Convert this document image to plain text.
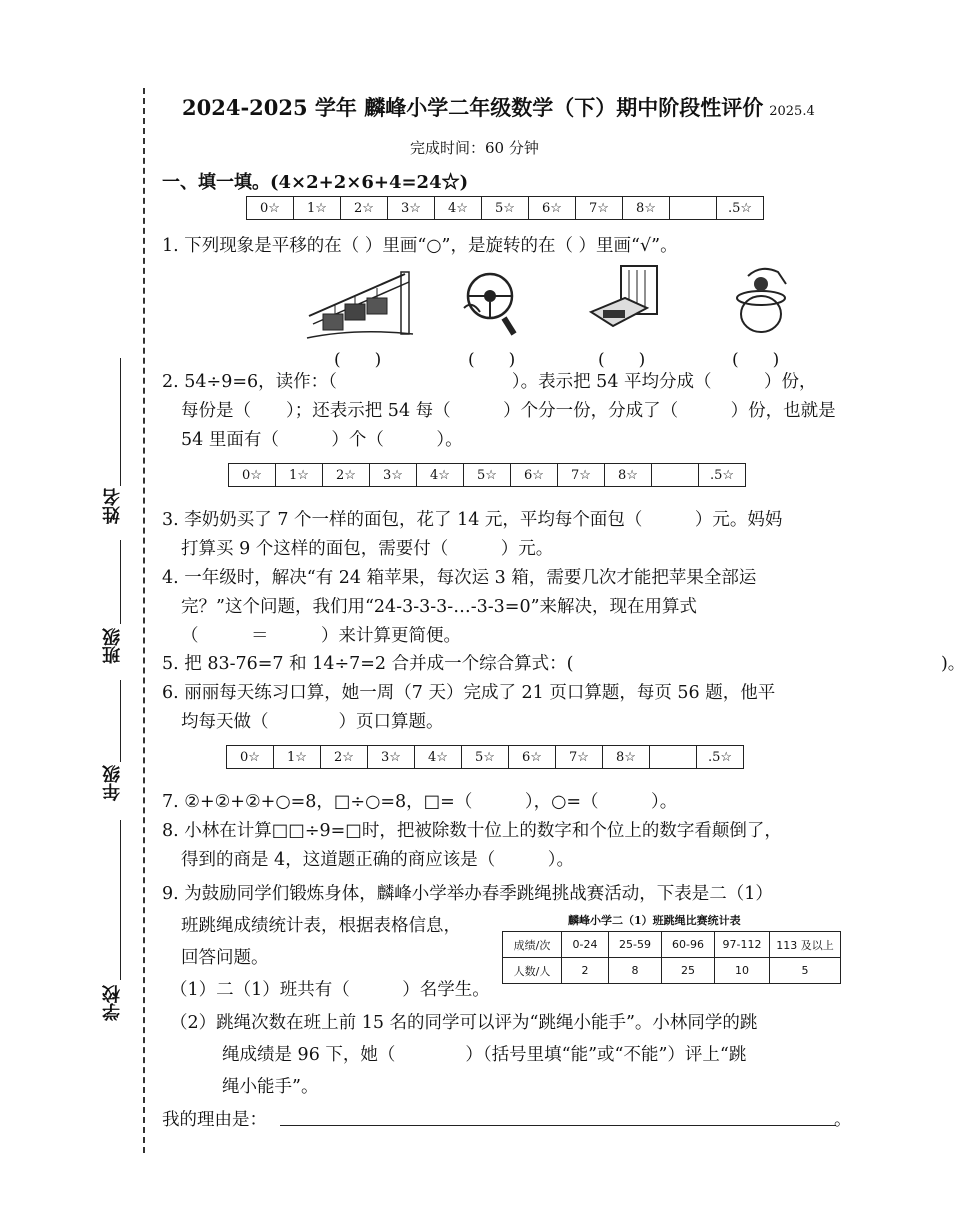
姓名
班级
年级
学校
2024-2025 学年 麟峰小学二年级数学（下）期中阶段性评价 2025.4
完成时间：60 分钟
一、填一填。(4×2+2×6+4=24☆)
0☆	1☆	2☆	3☆	4☆	5☆	6☆	7☆	8☆		.5☆
1. 下列现象是平移的在（ ）里画“○”，是旋转的在（ ）里画“√”。
(　　)	(　　)	(　　)	(　　)
2. 54÷9=6，读作：（　　　　　　　　　　）。表示把 54 平均分成（　　　）份，
每份是（　　）；还表示把 54 每（　　　）个分一份，分成了（　　　）份，也就是
54 里面有（　　　）个（　　　）。
0☆	1☆	2☆	3☆	4☆	5☆	6☆	7☆	8☆		.5☆
3. 李奶奶买了 7 个一样的面包，花了 14 元，平均每个面包（　　　）元。妈妈
打算买 9 个这样的面包，需要付（　　　）元。
4. 一年级时，解决“有 24 箱苹果，每次运 3 箱，需要几次才能把苹果全部运
完？”这个问题，我们用“24-3-3-3-…-3-3=0”来解决，现在用算式
（　　　＝　　　）来计算更简便。
5. 把 83-76=7 和 14÷7=2 合并成一个综合算式：(　　　　　　　　　　　　　　　　　　　　　)。
6. 丽丽每天练习口算，她一周（7 天）完成了 21 页口算题，每页 56 题，他平
均每天做（　　　　）页口算题。
0☆	1☆	2☆	3☆	4☆	5☆	6☆	7☆	8☆		.5☆
7. ②+②+②+○=8，□÷○=8，□=（　　　），○=（　　　）。
8. 小林在计算□□÷9=□时，把被除数十位上的数字和个位上的数字看颠倒了，
得到的商是 4，这道题正确的商应该是（　　　）。
9. 为鼓励同学们锻炼身体，麟峰小学举办春季跳绳挑战赛活动，下表是二（1）
班跳绳成绩统计表，根据表格信息，
回答问题。
麟峰小学二（1）班跳绳比赛统计表
成绩/次	0-24	25-59	60-96	97-112	113 及以上
人数/人	2	8	25	10	5
（1）二（1）班共有（　　　）名学生。
（2）跳绳次数在班上前 15 名的同学可以评为“跳绳小能手”。小林同学的跳
绳成绩是 96 下，她（　　　　）（括号里填“能”或“不能”）评上“跳
绳小能手”。
我的理由是：	。
